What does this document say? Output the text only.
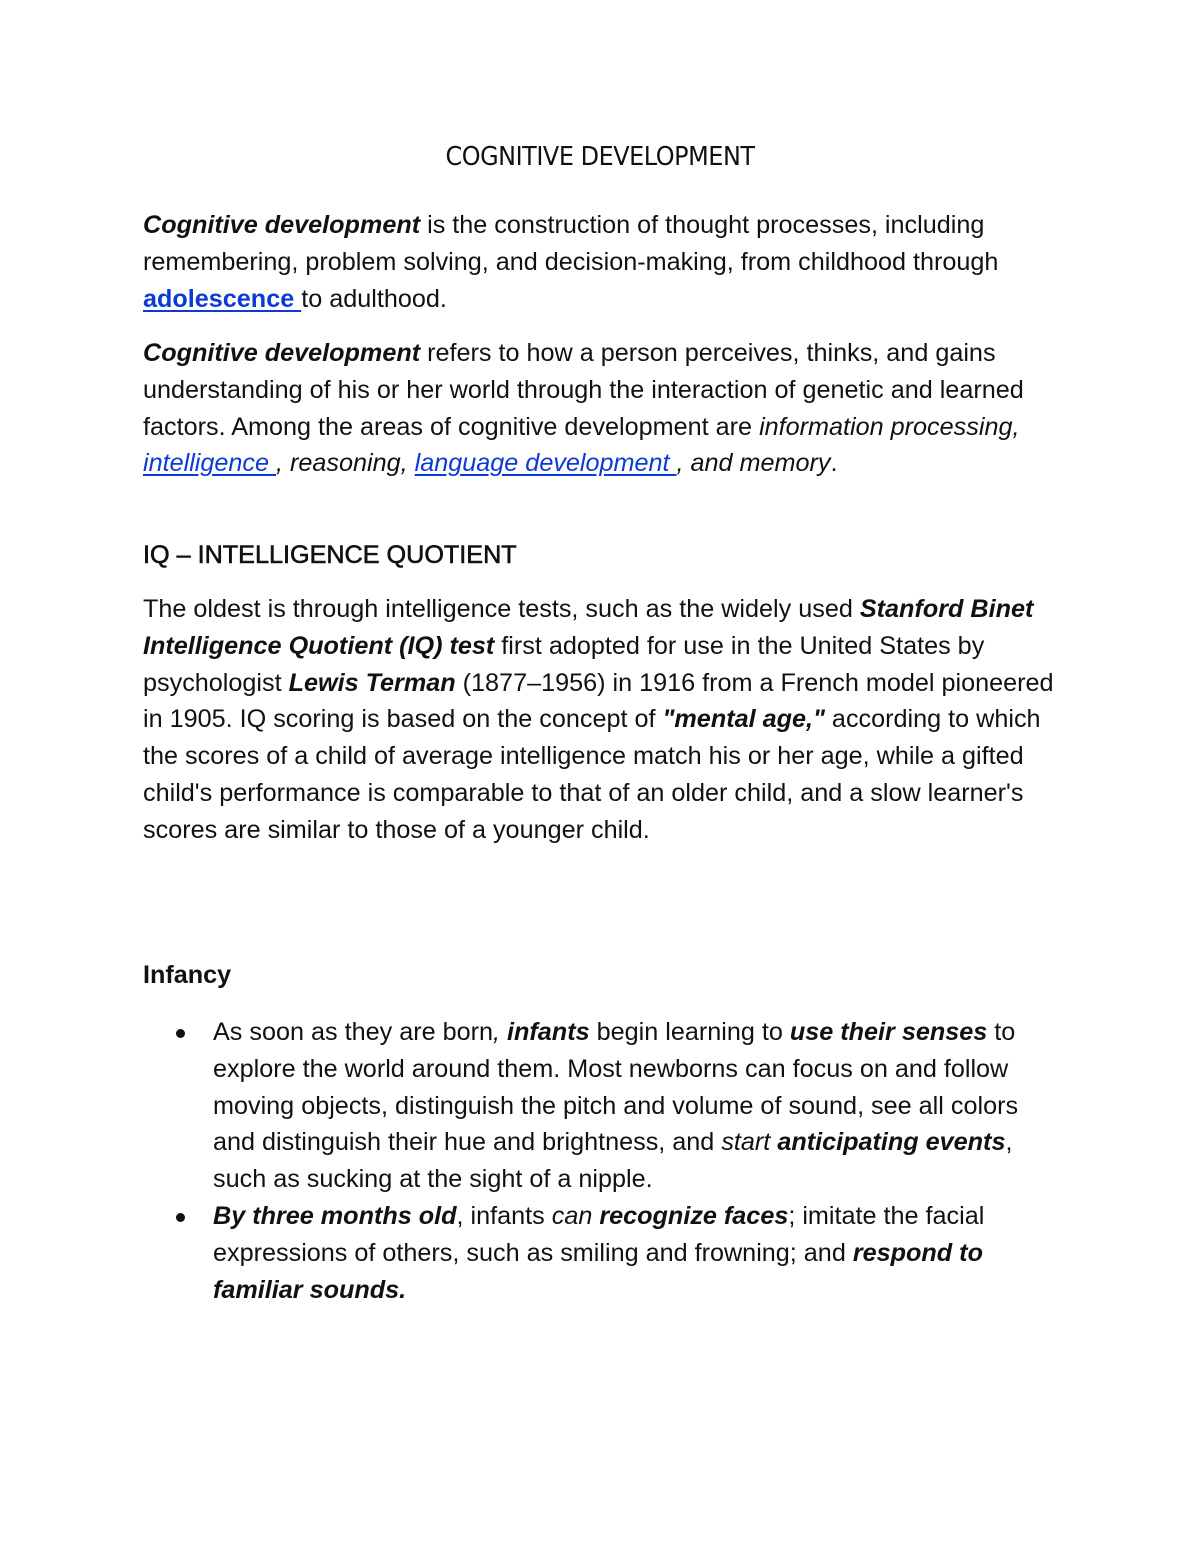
COGNITIVE DEVELOPMENT

Cognitive development is the construction of thought processes, including remembering, problem solving, and decision-making, from childhood through adolescence to adulthood.

Cognitive development refers to how a person perceives, thinks, and gains understanding of his or her world through the interaction of genetic and learned factors. Among the areas of cognitive development are information processing, intelligence , reasoning, language development , and memory.

IQ – INTELLIGENCE QUOTIENT

The oldest is through intelligence tests, such as the widely used Stanford Binet Intelligence Quotient (IQ) test first adopted for use in the United States by psychologist Lewis Terman (1877–1956) in 1916 from a French model pioneered in 1905. IQ scoring is based on the concept of "mental age," according to which the scores of a child of average intelligence match his or her age, while a gifted child's performance is comparable to that of an older child, and a slow learner's scores are similar to those of a younger child.

Infancy
As soon as they are born, infants begin learning to use their senses to explore the world around them. Most newborns can focus on and follow moving objects, distinguish the pitch and volume of sound, see all colors and distinguish their hue and brightness, and start anticipating events, such as sucking at the sight of a nipple.
By three months old, infants can recognize faces; imitate the facial expressions of others, such as smiling and frowning; and respond to familiar sounds.
